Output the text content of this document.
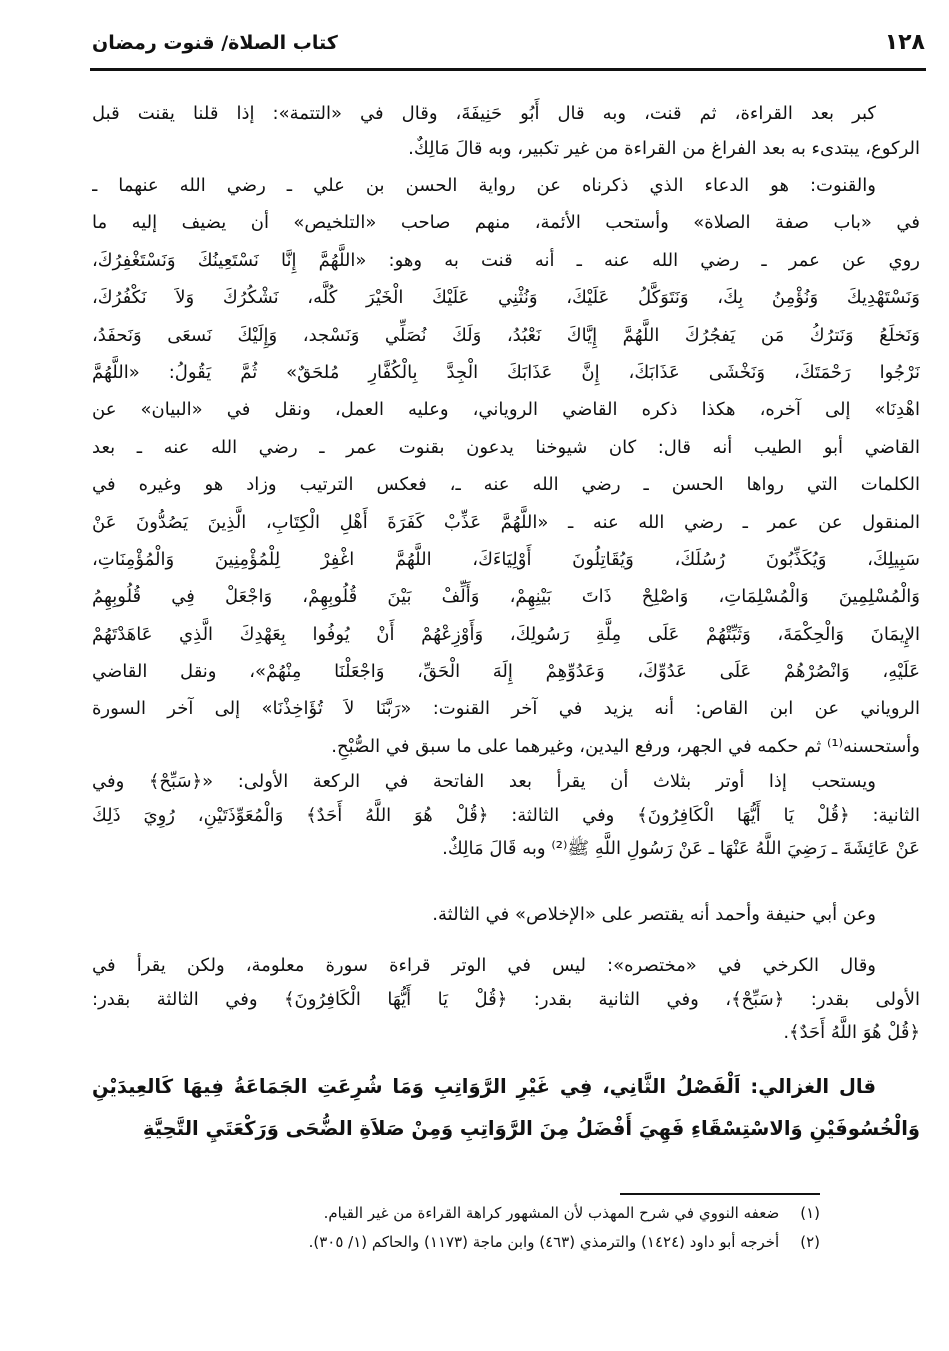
١٢٨
كتاب الصلاة/ قنوت رمضان
كبر بعد القراءة، ثم قنت، وبه قال أَبُو حَنِيفَةَ، وقال في «التتمة»: إذا قلنا يقنت قبل
الركوع، يبتدىء به بعد الفراغ من القراءة من غير تكبير، وبه قالَ مَالِكٌ.
والقنوت: هو الدعاء الذي ذكرناه عن رواية الحسن بن علي ـ رضي الله عنهما ـ
في «باب صفة الصلاة» وأستحب الأئمة، منهم صاحب «التلخيص» أن يضيف إليه ما
روي عن عمر ـ رضي الله عنه ـ أنه قنت به وهو: «اللَّهُمَّ إِنَّا نَسْتَعِينُكَ وَنَسْتَغْفِرُكَ،
وَنَسْتَهْدِيكَ وَنُؤْمِنُ بِكَ، وَنَتَوَكَّلُ عَلَيْكَ، وَنُثْنِي عَلَيْكَ الْخَيْرَ كُلَّه، نَشْكُرُكَ وَلاَ نَكْفُرُكَ،
وَنَخلَعُ وَنَترُكُ مَن يَفجُرُكَ اللَّهُمَّ إِيَّاكَ نَعْبُدُ، وَلَكَ نُصَلِّي وَنَسْجد، وَإِلَيْكَ نَسعَى وَنَحفَدُ،
نَرْجُوا رَحْمَتَكَ، وَنَخْشَى عَذَابَكَ، إِنَّ عَذَابَكَ الْجِدَّ بِالْكُفَّارِ مُلحَقٌ» ثُمَّ يَقُولُ: «اللَّهُمَّ
اهْدِنَا» إلى آخره، هكذا ذكره القاضي الروياني، وعليه العمل، ونقل في «البيان» عن
القاضي أبو الطيب أنه قال: كان شيوخنا يدعون بقنوت عمر ـ رضي الله عنه ـ بعد
الكلمات التي رواها الحسن ـ رضي الله عنه ـ، فعكس الترتيب وزاد هو وغيره في
المنقول عن عمر ـ رضي الله عنه ـ «اللَّهُمَّ عَذِّبْ كَفَرَةَ أَهْلِ الْكِتَابِ، الَّذِينَ يَصُدُّونَ عَنْ
سَبِيلِكَ، وَيُكَذِّبُونَ رُسُلَكَ، وَيُقَاتِلُونَ أَوْلِيَاءَكَ، اللَّهُمَّ اغْفِرْ لِلْمُؤْمِنِينَ وَالْمُؤْمِنَاتِ،
وَالْمُسْلِمِينَ وَالْمُسْلِمَاتِ، وَاصْلِحْ ذَاتَ بَيْنِهِمْ، وَأَلِّفْ بَيْنَ قُلُوبِهِمْ، وَاجْعَلْ فِي قُلُوبِهِمُ
الإِيمَانَ وَالْحِكْمَةَ، وَثَبِّتْهُمْ عَلَى مِلَّةِ رَسُولِكَ، وَأَوْزِعْهُمْ أَنْ يُوفُوا بِعَهْدِكَ الَّذِي عَاهَدْتَهُمْ
عَلَيْهِ، وَانْصُرْهُمْ عَلَى عَدُوِّكَ، وَعَدُوِّهِمْ إِلَهَ الْحَقِّ، وَاجْعَلْنَا مِنْهُمْ»، ونقل القاضي
الروياني عن ابن القاص: أنه يزيد في آخر القنوت: «رَبَّنَا لاَ تُؤَاخِذْنَا» إلى آخر السورة
وأستحسنه⁽¹⁾ ثم حكمه في الجهر، ورفع اليدين، وغيرهما على ما سبق في الصُّبْحِ.
ويستحب إذا أوتر بثلاث أن يقرأ بعد الفاتحة في الركعة الأولى: «﴿سَبِّحْ﴾ وفي
الثانية: ﴿قُلْ يَا أَيُّهَا الْكَافِرُونَ﴾ وفي الثالثة: ﴿قُلْ هُوَ اللَّهُ أَحَدٌ﴾ وَالْمُعَوِّذَتَيْنِ، رُوِيَ ذَلِكَ
عَنْ عَائِشَةَ ـ رَضِيَ اللَّهُ عَنْهَا ـ عَنْ رَسُولِ اللَّهِ ﷺ⁽²⁾ وبه قَالَ مَالِكٌ.
وعن أبي حنيفة وأحمد أنه يقتصر على «الإخلاص» في الثالثة.
وقال الكرخي في «مختصره»: ليس في الوتر قراءة سورة معلومة، ولكن يقرأ في
الأولى بقدر: ﴿سَبِّحْ﴾، وفي الثانية بقدر: ﴿قُلْ يَا أَيُّهَا الْكَافِرُونَ﴾ وفي الثالثة بقدر:
﴿قُلْ هُوَ اللَّهُ أَحَدٌ﴾.
قال الغزالي: اَلْفَصْلُ الثَّانِي، فِي غَيْرِ الرَّوَاتِبِ وَمَا شُرِعَتِ الجَمَاعَةُ فِيهَا كَالعِيدَيْنِ
وَالْخُسُوفَيْنِ وَالاسْتِسْقَاءِ فَهِيَ أَفْضَلُ مِنَ الرَّوَاتِبِ وَمِنْ صَلاَةِ الضُّحَى وَرَكْعَتَيِ التَّحِيَّةِ
(١) ضعفه النووي في شرح المهذب لأن المشهور كراهة القراءة من غير القيام.
(٢) أخرجه أبو داود (١٤٢٤) والترمذي (٤٦٣) وابن ماجة (١١٧٣) والحاكم (١/ ٣٠٥).
